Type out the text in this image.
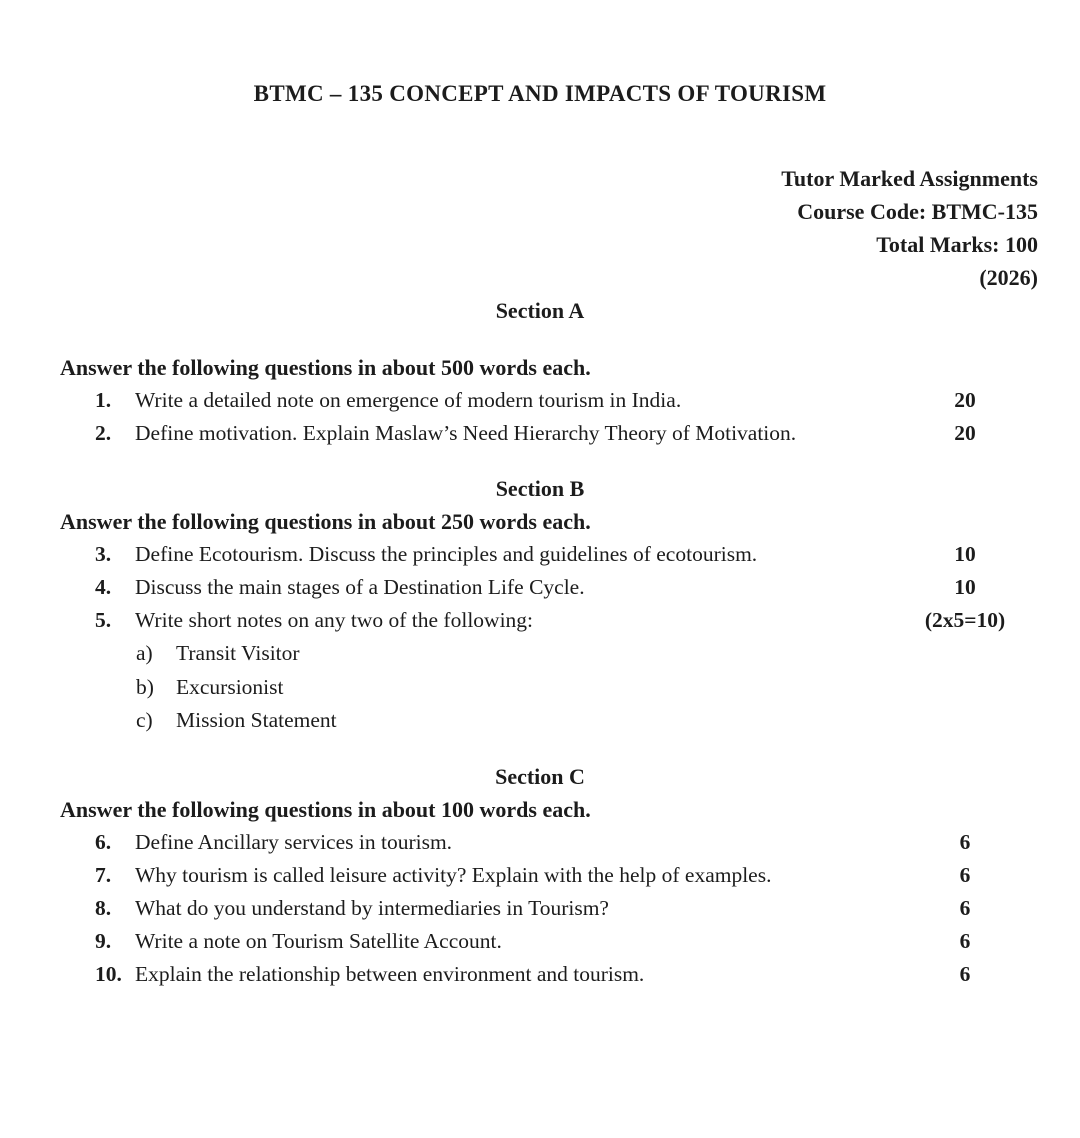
BTMC – 135 CONCEPT AND IMPACTS OF TOURISM
Tutor Marked Assignments
Course Code: BTMC-135
Total Marks: 100
(2026)
Section A
Answer the following questions in about 500 words each.
1.	Write a detailed note on emergence of modern tourism in India.	20
2.	Define motivation. Explain Maslaw’s Need Hierarchy Theory of Motivation.	20
Section B
Answer the following questions in about 250 words each.
3.	Define Ecotourism. Discuss the principles and guidelines of ecotourism.	10
4.	Discuss the main stages of a Destination Life Cycle.	10
5.	Write short notes on any two of the following:	(2x5=10)
a)	Transit Visitor
b)	Excursionist
c)	Mission Statement
Section C
Answer the following questions in about 100 words each.
6.	Define Ancillary services in tourism.	6
7.	Why tourism is called leisure activity? Explain with the help of examples.	6
8.	What do you understand by intermediaries in Tourism?	6
9.	Write a note on Tourism Satellite Account.	6
10. Explain the relationship between environment and tourism.	6
